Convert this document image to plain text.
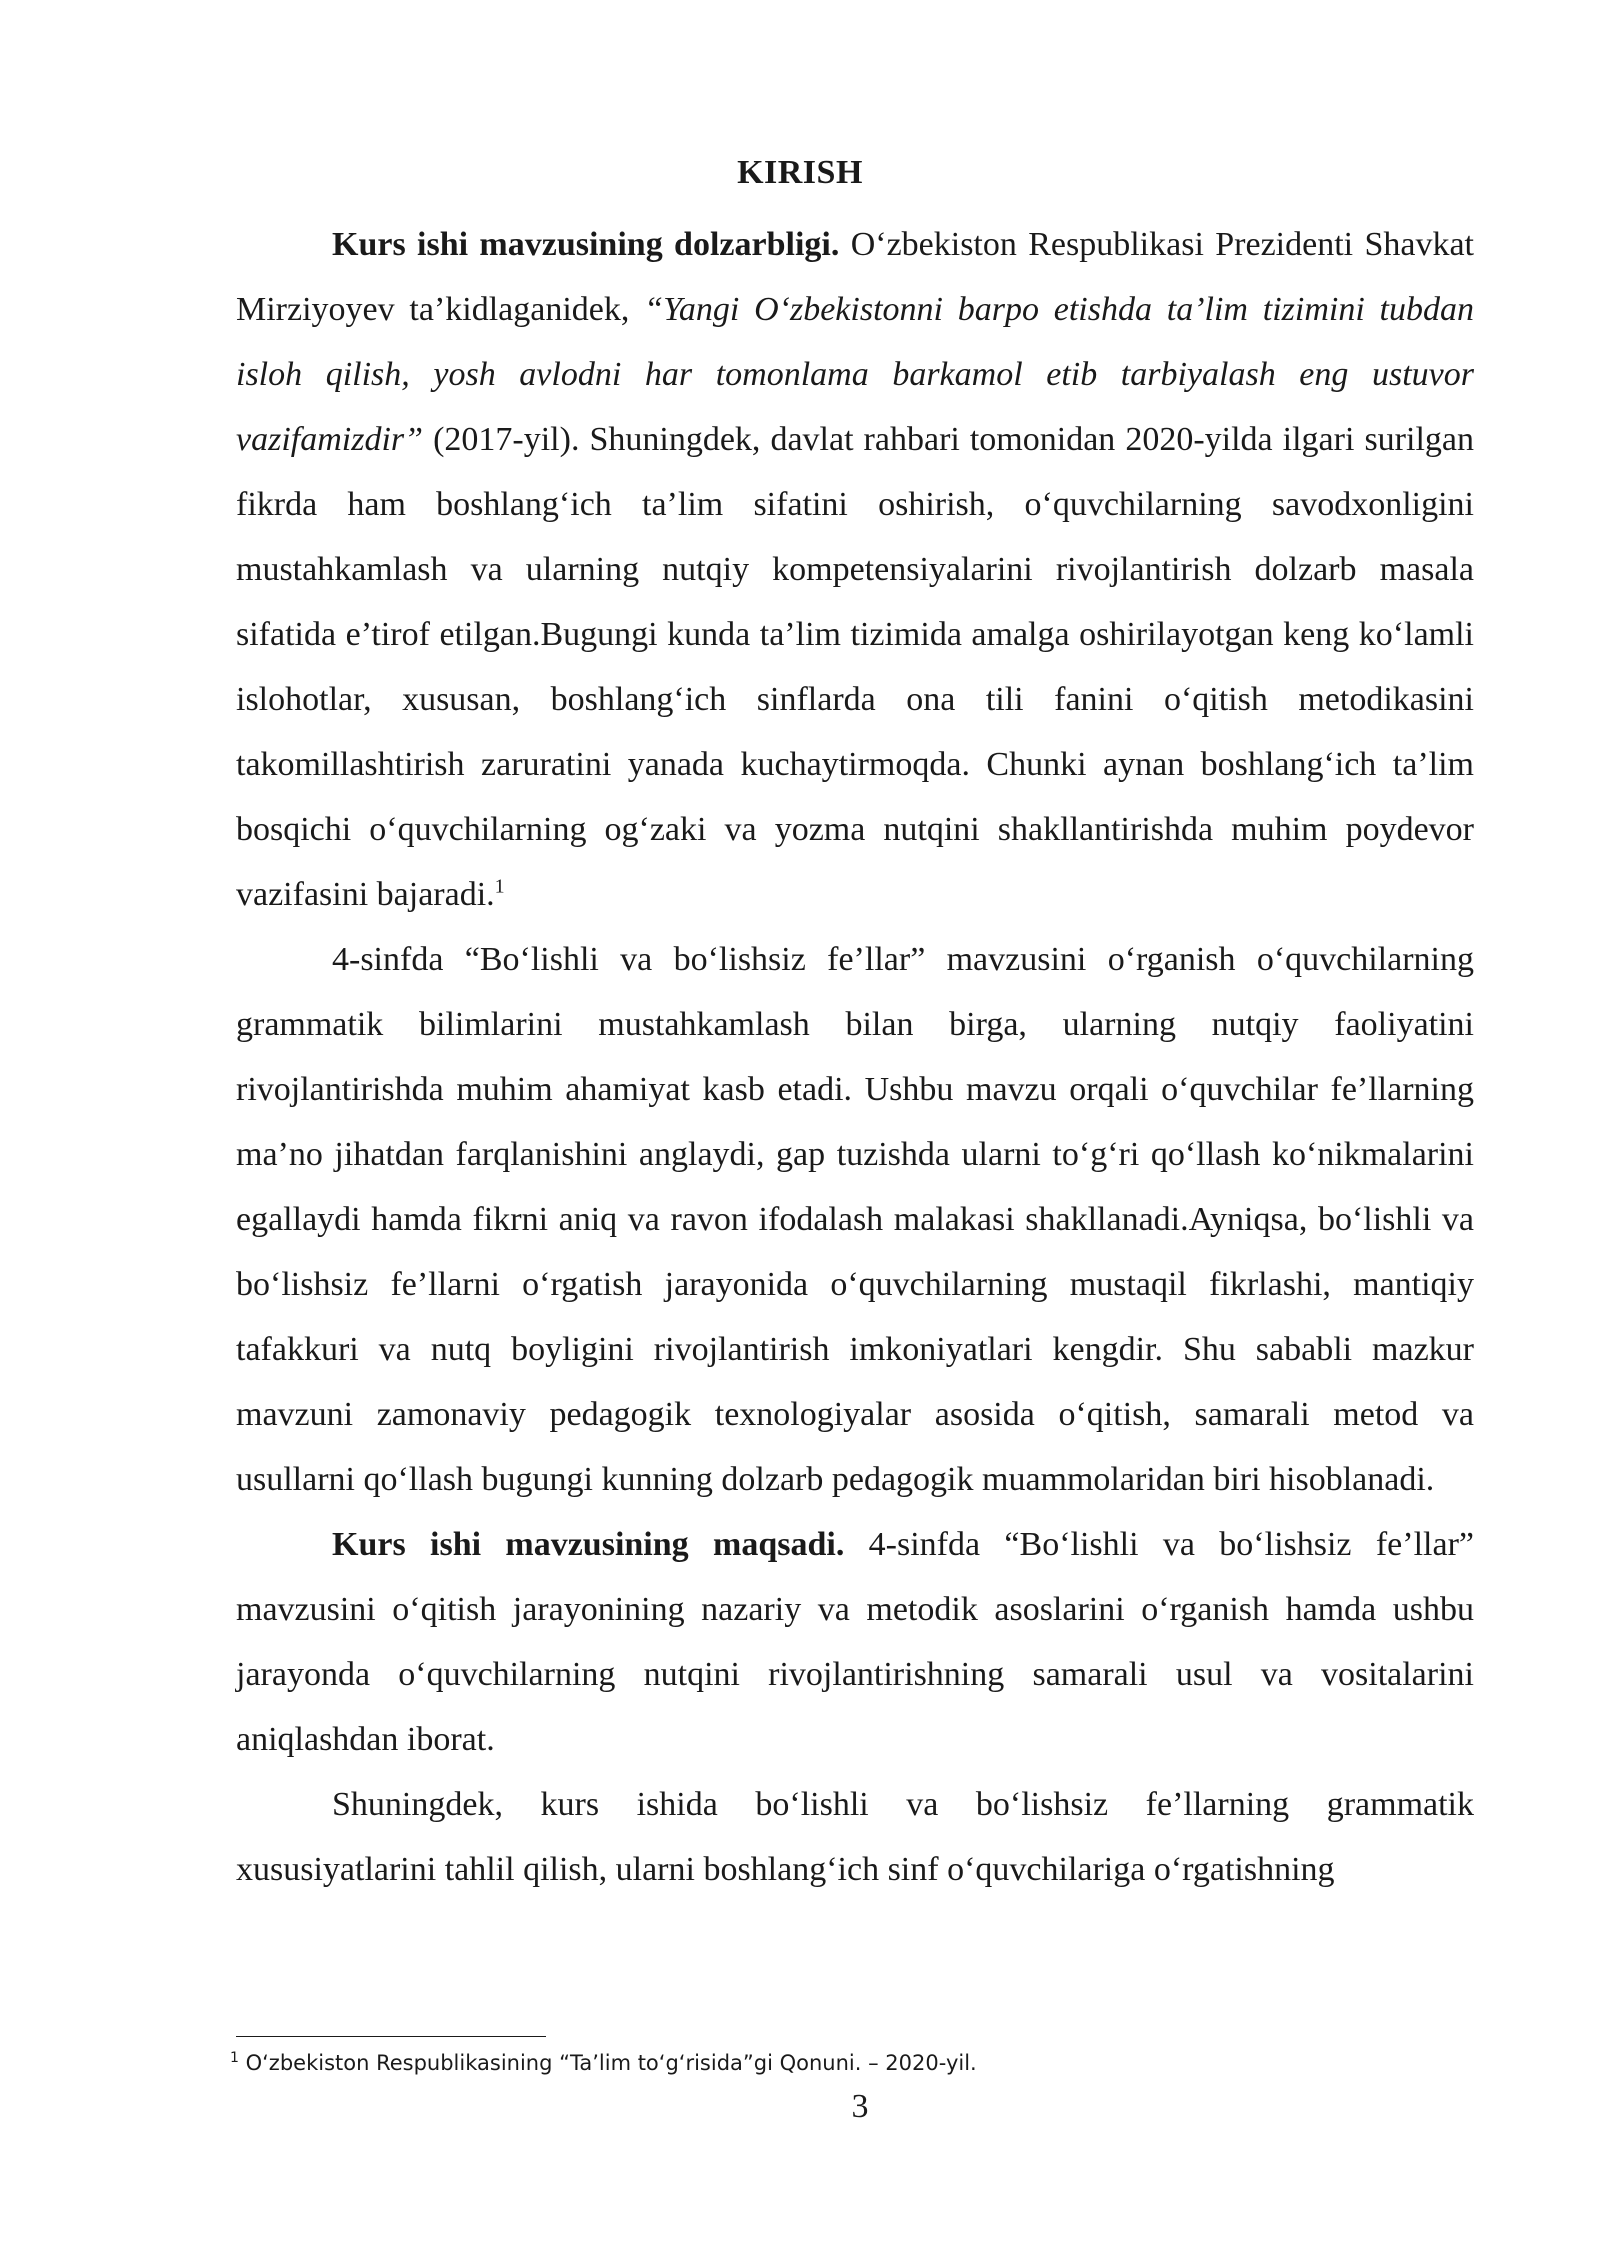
KIRISH

Kurs ishi mavzusining dolzarbligi. O‘zbekiston Respublikasi Prezidenti Shavkat Mirziyoyev ta’kidlaganidek, “Yangi O‘zbekistonni barpo etishda ta’lim tizimini tubdan isloh qilish, yosh avlodni har tomonlama barkamol etib tarbiyalash eng ustuvor vazifamizdir” (2017-yil). Shuningdek, davlat rahbari tomonidan 2020-yilda ilgari surilgan fikrda ham boshlang‘ich ta’lim sifatini oshirish, o‘quvchilarning savodxonligini mustahkamlash va ularning nutqiy kompetensiyalarini rivojlantirish dolzarb masala sifatida e’tirof etilgan.Bugungi kunda ta’lim tizimida amalga oshirilayotgan keng ko‘lamli islohotlar, xususan, boshlang‘ich sinflarda ona tili fanini o‘qitish metodikasini takomillashtirish zaruratini yanada kuchaytirmoqda. Chunki aynan boshlang‘ich ta’lim bosqichi o‘quvchilarning og‘zaki va yozma nutqini shakllantirishda muhim poydevor vazifasini bajaradi.$^1$

4-sinfda “Bo‘lishli va bo‘lishsiz fe’llar” mavzusini o‘rganish o‘quvchilarning grammatik bilimlarini mustahkamlash bilan birga, ularning nutqiy faoliyatini rivojlantirishda muhim ahamiyat kasb etadi. Ushbu mavzu orqali o‘quvchilar fe’llarning ma’no jihatdan farqlanishini anglaydi, gap tuzishda ularni to‘g‘ri qo‘llash ko‘nikmalarini egallaydi hamda fikrni aniq va ravon ifodalash malakasi shakllanadi.Ayniqsa, bo‘lishli va bo‘lishsiz fe’llarni o‘rgatish jarayonida o‘quvchilarning mustaqil fikrlashi, mantiqiy tafakkuri va nutq boyligini rivojlantirish imkoniyatlari kengdir. Shu sababli mazkur mavzuni zamonaviy pedagogik texnologiyalar asosida o‘qitish, samarali metod va usullarni qo‘llash bugungi kunning dolzarb pedagogik muammolaridan biri hisoblanadi.

Kurs ishi mavzusining maqsadi. 4-sinfda “Bo‘lishli va bo‘lishsiz fe’llar” mavzusini o‘qitish jarayonining nazariy va metodik asoslarini o‘rganish hamda ushbu jarayonda o‘quvchilarning nutqini rivojlantirishning samarali usul va vositalarini aniqlashdan iborat.

Shuningdek, kurs ishida bo‘lishli va bo‘lishsiz fe’llarning grammatik xususiyatlarini tahlil qilish, ularni boshlang‘ich sinf o‘quvchilariga o‘rgatishning

$^1$ O‘zbekiston Respublikasining “Ta’lim to‘g‘risida”gi Qonuni. – 2020-yil.
3
